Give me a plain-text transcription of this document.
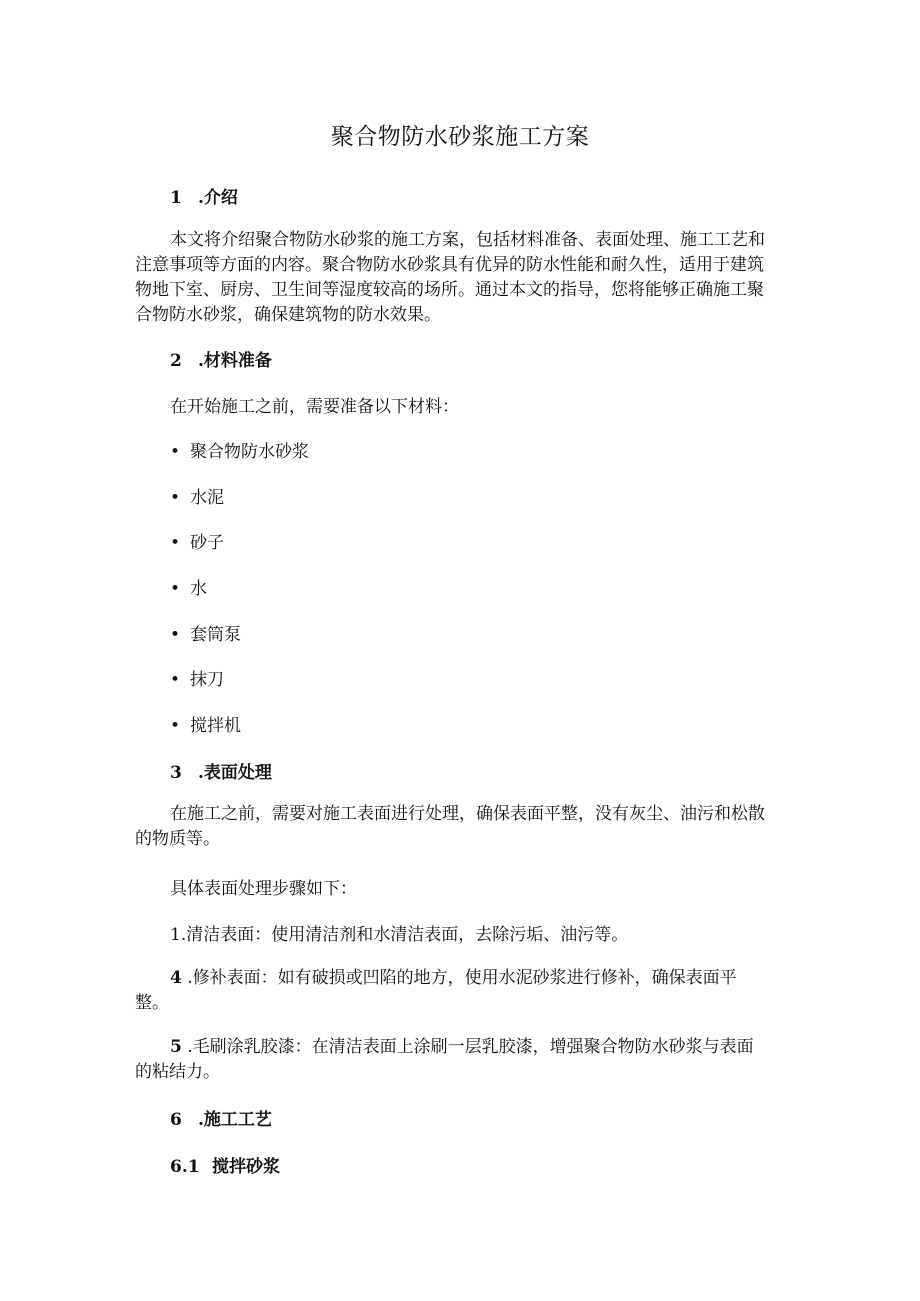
聚合物防水砂浆施工方案
1 .介绍
本文将介绍聚合物防水砂浆的施工方案，包括材料准备、表面处理、施工工艺和注意事项等方面的内容。聚合物防水砂浆具有优异的防水性能和耐久性，适用于建筑物地下室、厨房、卫生间等湿度较高的场所。通过本文的指导，您将能够正确施工聚合物防水砂浆，确保建筑物的防水效果。
2 .材料准备
在开始施工之前，需要准备以下材料：
• 聚合物防水砂浆
• 水泥
• 砂子
• 水
• 套筒泵
• 抹刀
• 搅拌机
3 .表面处理
在施工之前，需要对施工表面进行处理，确保表面平整，没有灰尘、油污和松散的物质等。
具体表面处理步骤如下：
1.清洁表面：使用清洁剂和水清洁表面，去除污垢、油污等。
4 .修补表面：如有破损或凹陷的地方，使用水泥砂浆进行修补，确保表面平整。
5 .毛刷涂乳胶漆：在清洁表面上涂刷一层乳胶漆，增强聚合物防水砂浆与表面的粘结力。
6 .施工工艺
6.1 搅拌砂浆
